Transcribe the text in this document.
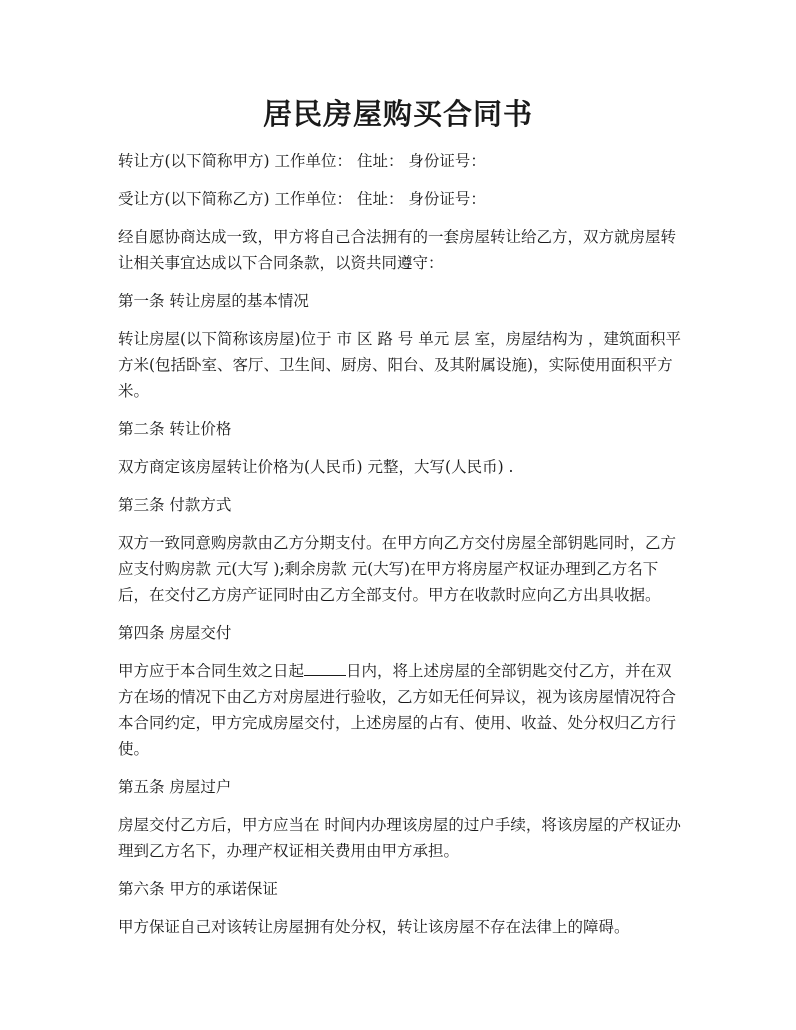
居民房屋购买合同书

转让方(以下简称甲方) 工作单位： 住址： 身份证号：

受让方(以下简称乙方) 工作单位： 住址： 身份证号：

经自愿协商达成一致，甲方将自己合法拥有的一套房屋转让给乙方，双方就房屋转让相关事宜达成以下合同条款，以资共同遵守：

第一条 转让房屋的基本情况

转让房屋(以下简称该房屋)位于 市 区 路 号 单元 层 室，房屋结构为 ，建筑面积平方米(包括卧室、客厅、卫生间、厨房、阳台、及其附属设施)，实际使用面积平方米。

第二条 转让价格

双方商定该房屋转让价格为(人民币) 元整，大写(人民币) .

第三条 付款方式

双方一致同意购房款由乙方分期支付。在甲方向乙方交付房屋全部钥匙同时，乙方应支付购房款 元(大写 );剩余房款 元(大写)在甲方将房屋产权证办理到乙方名下后，在交付乙方房产证同时由乙方全部支付。甲方在收款时应向乙方出具收据。

第四条 房屋交付

甲方应于本合同生效之日起	日内，将上述房屋的全部钥匙交付乙方，并在双方在场的情况下由乙方对房屋进行验收，乙方如无任何异议，视为该房屋情况符合本合同约定，甲方完成房屋交付，上述房屋的占有、使用、收益、处分权归乙方行使。

第五条 房屋过户

房屋交付乙方后，甲方应当在 时间内办理该房屋的过户手续，将该房屋的产权证办理到乙方名下，办理产权证相关费用由甲方承担。

第六条 甲方的承诺保证

甲方保证自己对该转让房屋拥有处分权，转让该房屋不存在法律上的障碍。
